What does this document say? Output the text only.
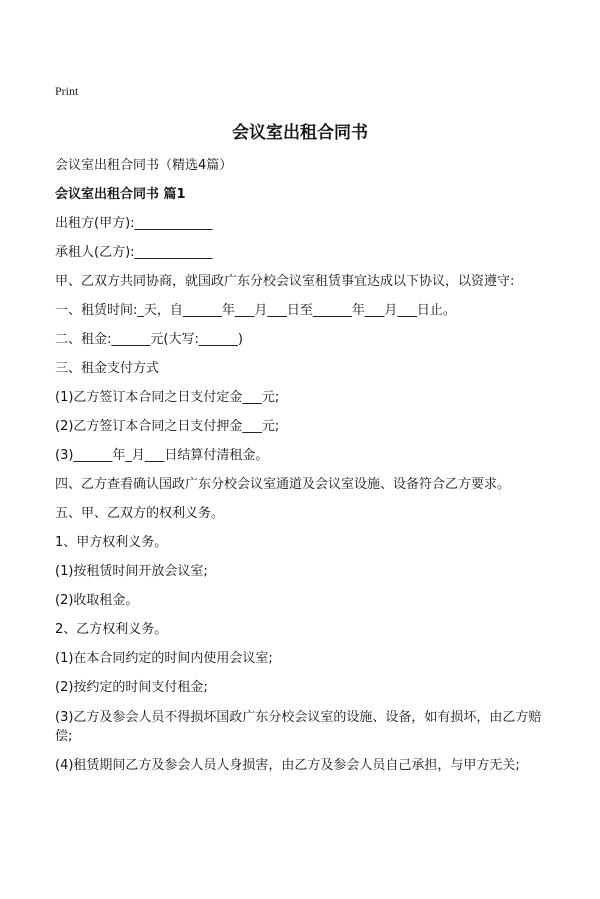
Print
会议室出租合同书
会议室出租合同书（精选4篇）
会议室出租合同书 篇1
出租方(甲方):____________
承租人(乙方):____________
甲、乙双方共同协商，就国政广东分校会议室租赁事宜达成以下协议，以资遵守:
一、租赁时间:_天，自______年___月___日至______年___月___日止。
二、租金:______元(大写:______)
三、租金支付方式
(1)乙方签订本合同之日支付定金___元;
(2)乙方签订本合同之日支付押金___元;
(3)______年_月___日结算付清租金。
四、乙方查看确认国政广东分校会议室通道及会议室设施、设备符合乙方要求。
五、甲、乙双方的权利义务。
1、甲方权利义务。
(1)按租赁时间开放会议室;
(2)收取租金。
2、乙方权利义务。
(1)在本合同约定的时间内使用会议室;
(2)按约定的时间支付租金;
(3)乙方及参会人员不得损坏国政广东分校会议室的设施、设备，如有损坏，由乙方赔偿;
(4)租赁期间乙方及参会人员人身损害，由乙方及参会人员自己承担，与甲方无关;
